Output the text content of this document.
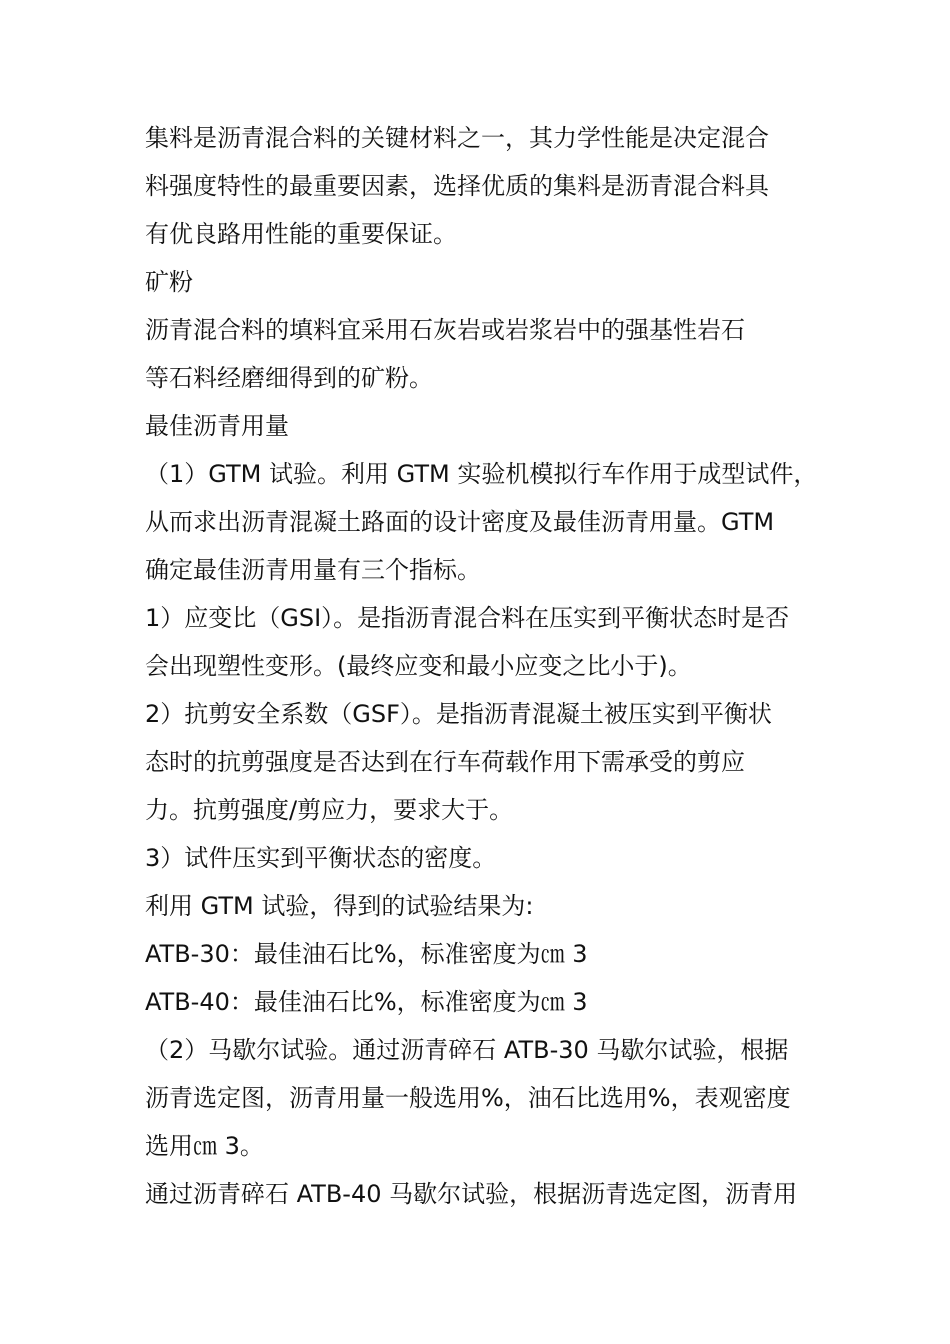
集料是沥青混合料的关键材料之一，其力学性能是决定混合
料强度特性的最重要因素，选择优质的集料是沥青混合料具
有优良路用性能的重要保证。
矿粉
沥青混合料的填料宜采用石灰岩或岩浆岩中的强基性岩石
等石料经磨细得到的矿粉。
最佳沥青用量
（1）GTM 试验。利用 GTM 实验机模拟行车作用于成型试件，
从而求出沥青混凝土路面的设计密度及最佳沥青用量。GTM
确定最佳沥青用量有三个指标。
1）应变比（GSI）。是指沥青混合料在压实到平衡状态时是否
会出现塑性变形。(最终应变和最小应变之比小于)。
2）抗剪安全系数（GSF）。是指沥青混凝土被压实到平衡状
态时的抗剪强度是否达到在行车荷载作用下需承受的剪应
力。抗剪强度/剪应力，要求大于。
3）试件压实到平衡状态的密度。
利用 GTM 试验，得到的试验结果为:
ATB-30：最佳油石比%，标准密度为㎝ 3
ATB-40：最佳油石比%，标准密度为㎝ 3
（2）马歇尔试验。通过沥青碎石 ATB-30 马歇尔试验，根据
沥青选定图，沥青用量一般选用%，油石比选用%，表观密度
选用㎝ 3。
通过沥青碎石 ATB-40 马歇尔试验，根据沥青选定图，沥青用
